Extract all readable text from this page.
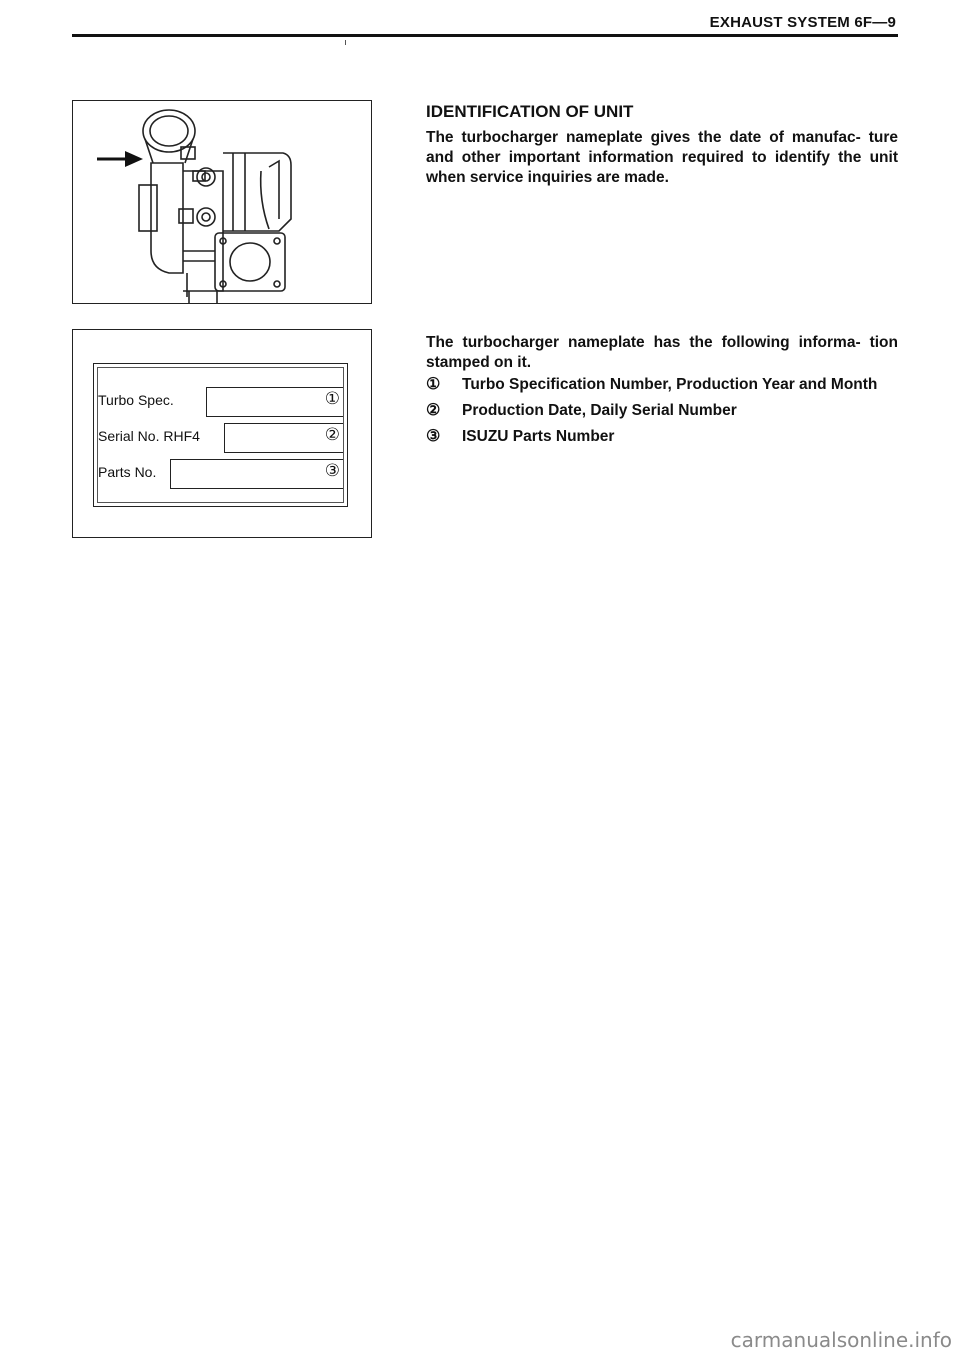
EXHAUST SYSTEM 6F—9
Turbo Spec.	①
Serial No. RHF4	②
Parts No.	③
IDENTIFICATION OF UNIT
The turbocharger nameplate gives the date of manufac- ture and other important information required to identify the unit when service inquiries are made.
The turbocharger nameplate has the following informa- tion stamped on it.
①	Turbo Specification Number, Production Year and Month
②	Production Date, Daily Serial Number
③	ISUZU Parts Number
carmanualsonline.info
